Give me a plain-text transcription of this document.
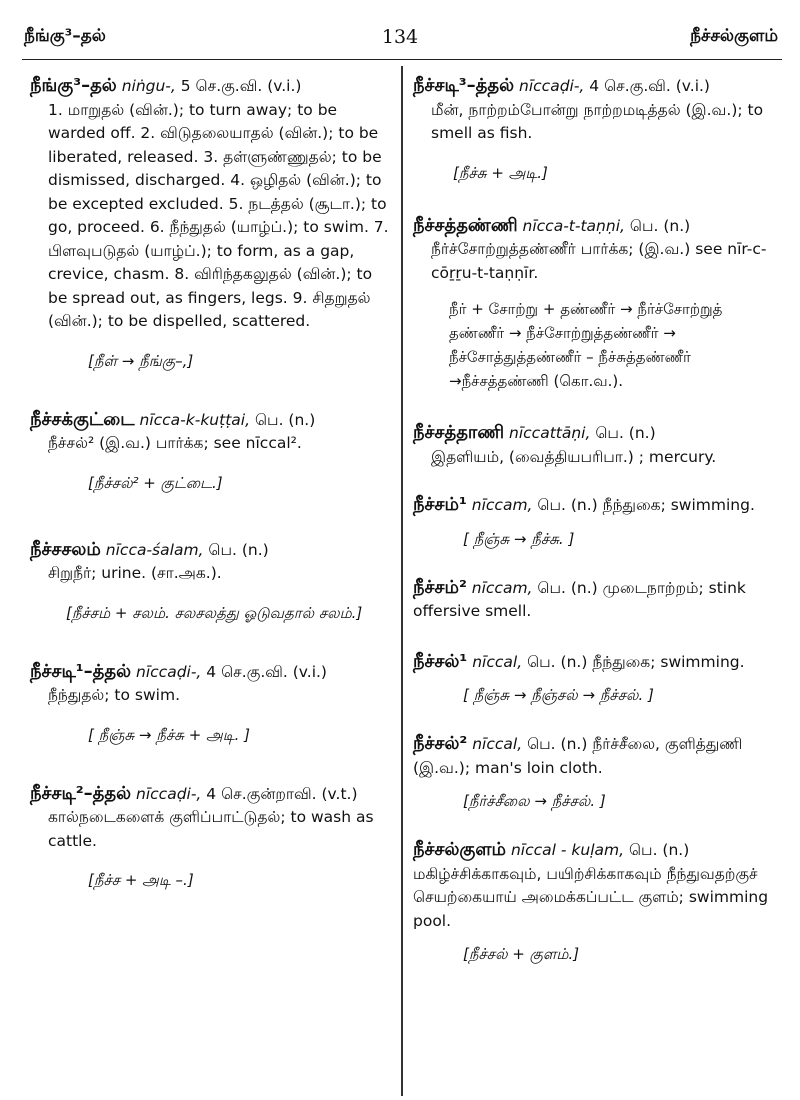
நீங்கு³–தல்	134	நீச்சல்குளம்
நீங்கு³–தல் niṅgu-, 5 செ.கு.வி. (v.i.)
1. மாறுதல் (வின்.); to turn away; to be warded off. 2. விடுதலையாதல் (வின்.); to be liberated, released. 3. தள்ளுண்ணுதல்; to be dismissed, discharged. 4. ஒழிதல் (வின்.); to be excepted excluded. 5. நடத்தல் (சூடா.); to go, proceed. 6. நீந்துதல் (யாழ்ப்.); to swim. 7. பிளவுபடுதல் (யாழ்ப்.); to form, as a gap, crevice, chasm. 8. விரிந்தகலுதல் (வின்.); to be spread out, as fingers, legs. 9. சிதறுதல் (வின்.); to be dispelled, scattered.
[நீள் → நீங்கு–,]
நீச்சக்குட்டை nīcca-k-kuṭṭai, பெ. (n.)
நீச்சல்² (இ.வ.) பார்க்க; see nīccal².
[நீச்சல்² + குட்டை.]
நீச்சசலம் nīcca-śalam, பெ. (n.)
சிறுநீர்; urine. (சா.அக.).
[நீச்சம் + சலம். சலசலத்து ஓடுவதால் சலம்.]
நீச்சடி¹–த்தல் nīccaḍi-, 4 செ.கு.வி. (v.i.)
நீந்துதல்; to swim.
[ நீஞ்சு → நீச்சு + அடி. ]
நீச்சடி²–த்தல் nīccaḍi-, 4 செ.குன்றாவி. (v.t.)
கால்நடைகளைக் குளிப்பாட்டுதல்; to wash as cattle.
[நீச்ச + அடி –.]
நீச்சடி³–த்தல் nīccaḍi-, 4 செ.கு.வி. (v.i.)
மீன், நாற்றம்போன்று நாற்றமடித்தல் (இ.வ.); to smell as fish.
[நீச்சு + அடி.]
நீச்சத்தண்ணி nīcca-t-taṇṇi, பெ. (n.)
நீர்ச்சோற்றுத்தண்ணீர் பார்க்க; (இ.வ.) see nīr-c-cōṟṟu-t-taṇṇīr.
நீர் + சோற்று + தண்ணீர் → நீர்ச்சோற்றுத் தண்ணீர் → நீச்சோற்றுத்தண்ணீர் → நீச்சோத்துத்தண்ணீர் – நீச்சுத்தண்ணீர் →நீச்சத்தண்ணி (கொ.வ.).
நீச்சத்தாணி nīccattāṇi, பெ. (n.)
இதளியம், (வைத்தியபரிபா.) ; mercury.
நீச்சம்¹ nīccam, பெ. (n.) நீந்துகை; swimming.
[ நீஞ்சு → நீச்சு. ]
நீச்சம்² nīccam, பெ. (n.) முடைநாற்றம்; stink offersive smell.
நீச்சல்¹ nīccal, பெ. (n.) நீந்துகை; swimming.
[ நீஞ்சு → நீஞ்சல் → நீச்சல். ]
நீச்சல்² nīccal, பெ. (n.) நீர்ச்சீலை, குளித்துணி (இ.வ.); man's loin cloth.
[நீர்ச்சீலை → நீச்சல். ]
நீச்சல்குளம் nīccal - kuḷam, பெ. (n.) மகிழ்ச்சிக்காகவும், பயிற்சிக்காகவும் நீந்துவதற்குச் செயற்கையாய் அமைக்கப்பட்ட குளம்; swimming pool.
[நீச்சல் + குளம்.]
